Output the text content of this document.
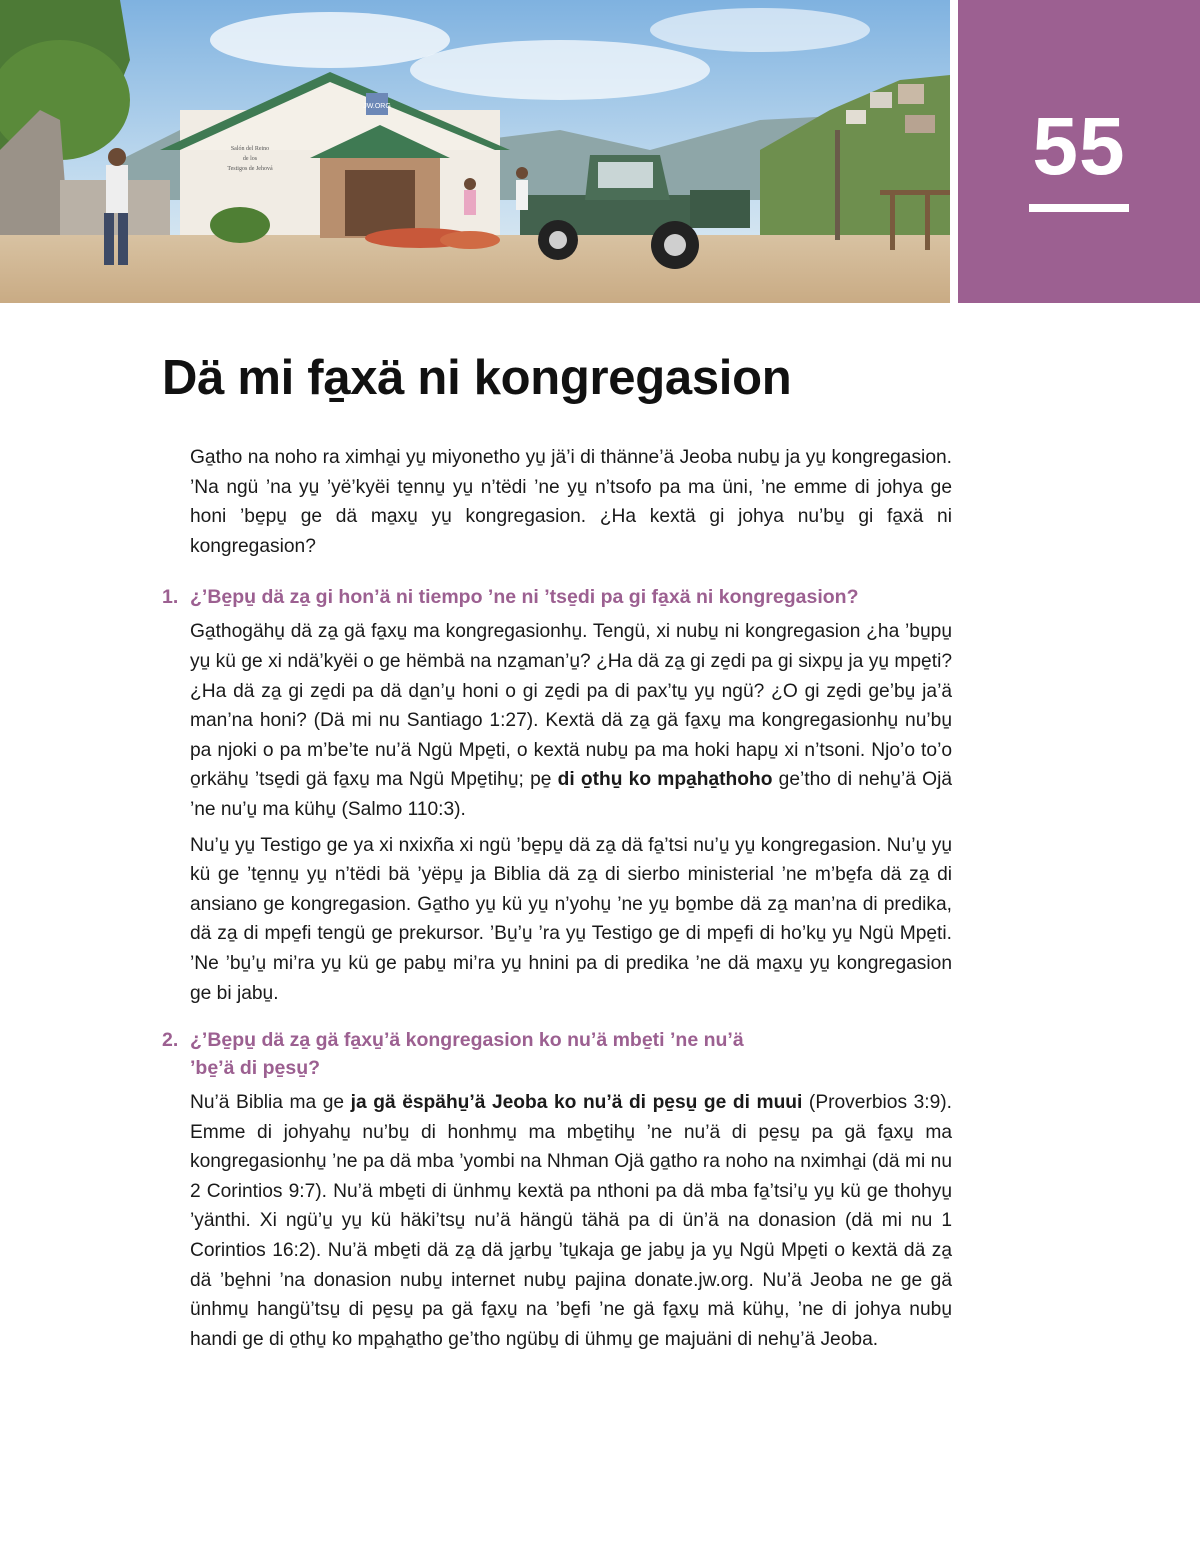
JW.ORG
Salón del Reino
de los
Testigos de Jehová	55
Dä mi fa̱xä ni kongregasion

Ga̱tho na noho ra ximha̱i yu̱ miyonetho yu̱ jä’i di thänne’ä Jeoba nubu̱ ja yu̱ kongregasion. ’Na ngü ’na yu̱ ’yë’kyëi te̱nnu̱ yu̱ n’tëdi ’ne yu̱ n’tsofo pa ma üni, ’ne emme di johya ge honi ’be̱pu̱ ge dä ma̱xu̱ yu̱ kongregasion. ¿Ha kextä gi johya nu’bu̱ gi fa̱xä ni kongregasion?

1. ¿’Be̱pu̱ dä za̱ gi hon’ä ni tiempo ’ne ni ’tse̱di pa gi fa̱xä ni kongregasion?

Ga̱thogähu̱ dä za̱ gä fa̱xu̱ ma kongregasionhu̱. Tengü, xi nubu̱ ni kongregasion ¿ha ’bu̱pu̱ yu̱ kü ge xi ndä’kyëi o ge hëmbä na nza̱man’u̱? ¿Ha dä za̱ gi ze̱di pa gi sixpu̱ ja yu̱ mpe̱ti? ¿Ha dä za̱ gi ze̱di pa dä da̱n’u̱ honi o gi ze̱di pa di pax’tu̱ yu̱ ngü? ¿O gi ze̱di ge’bu̱ ja’ä man’na honi? (Dä mi nu Santiago 1:27). Kextä dä za̱ gä fa̱xu̱ ma kongregasionhu̱ nu’bu̱ pa njoki o pa m’be’te nu’ä Ngü Mpe̱ti, o kextä nubu̱ pa ma hoki hapu̱ xi n’tsoni. Njo’o to’o o̱rkähu̱ ’tse̱di gä fa̱xu̱ ma Ngü Mpe̱tihu̱; pe̱ di o̱thu̱ ko mpa̱ha̱thoho ge’tho di nehu̱’ä Ojä ’ne nu’u̱ ma kühu̱ (Salmo 110:3).

Nu’u̱ yu̱ Testigo ge ya xi nxixña xi ngü ’be̱pu̱ dä za̱ dä fa̱’tsi nu’u̱ yu̱ kongregasion. Nu’u̱ yu̱ kü ge ’te̱nnu̱ yu̱ n’tëdi bä ’yëpu̱ ja Biblia dä za̱ di sierbo ministerial ’ne m’be̱fa dä za̱ di ansiano ge kongregasion. Ga̱tho yu̱ kü yu̱ n’yohu̱ ’ne yu̱ bo̱mbe dä za̱ man’na di predika, dä za̱ di mpe̱fi tengü ge prekursor. ’Bu̱’u̱ ’ra yu̱ Testigo ge di mpe̱fi di ho’ku̱ yu̱ Ngü Mpe̱ti. ’Ne ’bu̱’u̱ mi’ra yu̱ kü ge pabu̱ mi’ra yu̱ hnini pa di predika ’ne dä ma̱xu̱ yu̱ kongregasion ge bi jabu̱.

2. ¿’Be̱pu̱ dä za̱ gä fa̱xu̱’ä kongregasion ko nu’ä mbe̱ti ’ne nu’ä
’be̱’ä di pe̱su̱?

Nu’ä Biblia ma ge ja gä ëspähu̱’ä Jeoba ko nu’ä di pe̱su̱ ge di muui (Proverbios 3:9). Emme di johyahu̱ nu’bu̱ di honhmu̱ ma mbe̱tihu̱ ’ne nu’ä di pe̱su̱ pa gä fa̱xu̱ ma kongregasionhu̱ ’ne pa dä mba ’yombi na Nhman Ojä ga̱tho ra noho na nximha̱i (dä mi nu 2 Corintios 9:7). Nu’ä mbe̱ti di ünhmu̱ kextä pa nthoni pa dä mba fa̱’tsi’u̱ yu̱ kü ge thohyu̱ ’yänthi. Xi ngü’u̱ yu̱ kü häki’tsu̱ nu’ä hängü tähä pa di ün’ä na donasion (dä mi nu 1 Corintios 16:2). Nu’ä mbe̱ti dä za̱ dä ja̱rbu̱ ’tu̱kaja ge jabu̱ ja yu̱ Ngü Mpe̱ti o kextä dä za̱ dä ’be̱hni ’na donasion nubu̱ internet nubu̱ pajina donate.jw.org. Nu’ä Jeoba ne ge gä ünhmu̱ hangü’tsu̱ di pe̱su̱ pa gä fa̱xu̱ na ’be̱fi ’ne gä fa̱xu̱ mä kühu̱, ’ne di johya nubu̱ handi ge di o̱thu̱ ko mpa̱ha̱tho ge’tho ngübu̱ di ühmu̱ ge majuäni di nehu̱’ä Jeoba.
